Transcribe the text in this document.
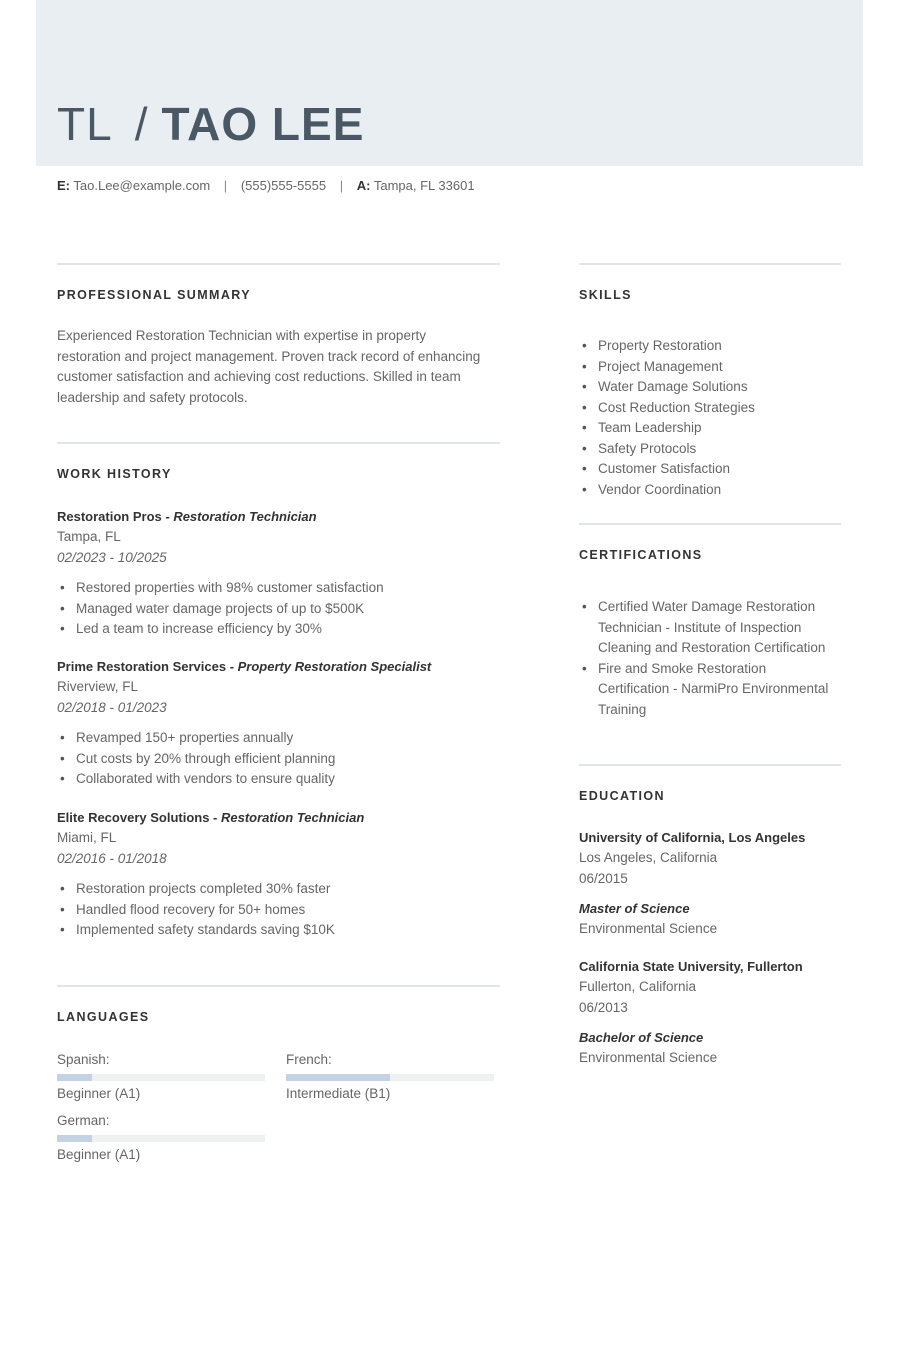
TL / TAO LEE
E: Tao.Lee@example.com | (555)555-5555 | A: Tampa, FL 33601
PROFESSIONAL SUMMARY
Experienced Restoration Technician with expertise in property restoration and project management. Proven track record of enhancing customer satisfaction and achieving cost reductions. Skilled in team leadership and safety protocols.
WORK HISTORY
Restoration Pros - Restoration Technician
Tampa, FL
02/2023 - 10/2025
• Restored properties with 98% customer satisfaction
• Managed water damage projects of up to $500K
• Led a team to increase efficiency by 30%
Prime Restoration Services - Property Restoration Specialist
Riverview, FL
02/2018 - 01/2023
• Revamped 150+ properties annually
• Cut costs by 20% through efficient planning
• Collaborated with vendors to ensure quality
Elite Recovery Solutions - Restoration Technician
Miami, FL
02/2016 - 01/2018
• Restoration projects completed 30% faster
• Handled flood recovery for 50+ homes
• Implemented safety standards saving $10K
LANGUAGES
Spanish:
Beginner (A1)
French:
Intermediate (B1)
German:
Beginner (A1)
SKILLS
• Property Restoration
• Project Management
• Water Damage Solutions
• Cost Reduction Strategies
• Team Leadership
• Safety Protocols
• Customer Satisfaction
• Vendor Coordination
CERTIFICATIONS
• Certified Water Damage Restoration Technician - Institute of Inspection Cleaning and Restoration Certification
• Fire and Smoke Restoration Certification - NarmiPro Environmental Training
EDUCATION
University of California, Los Angeles
Los Angeles, California
06/2015
Master of Science
Environmental Science
California State University, Fullerton
Fullerton, California
06/2013
Bachelor of Science
Environmental Science
